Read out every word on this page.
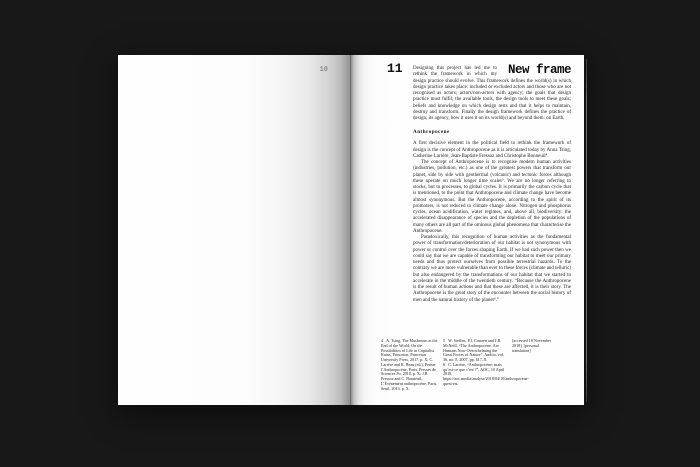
10	11	New frame

Designing this project has led me to rethink the framework in which my design practice should evolve. This framework defines the world(s) in which design practice takes place: included or excluded actors and those who are not recognised as actors; actors/non-actors with agency; the goals that design practice must fulfil; the available tools, the design tools to meet these goals; beliefs and knowledge on which design rests and that it helps to maintain, destroy and transform. Finally the design framework defines the practice of design, its agency, how it uses it on its world(s) and beyond them: on Earth.

Anthropocene

A first decisive element in the political field to rethink the framework of design is the concept of Anthropocene as it is articulated today by Anna Tsing, Catherine Larrère, Jean-Baptiste Fressoz and Christophe Bonneuil⁴.

The concept of Anthropocene is to recognise modern human activities (industries, pollution, etc.) as one of the greatest powers that transform our planet, side by side with geothermal (volcanic) and tectonic forces although these operate on much longer time scales⁵. We are no longer referring to stocks, but to processes, to global cycles. It is primarily the carbon cycle that is mentioned, to the point that Anthropocene and climate change have become almost synonymous. But the Anthropocene, according to the spirit of its promoters, is not reduced to climate change alone. Nitrogen and phosphorus cycles, ocean acidification, water regimes, and, above all, biodiversity: the accelerated disappearance of species and the depletion of the populations of many others are all part of the ominous global phenomena that characterise the Anthropocene.

Paradoxically, this recognition of human activities as the fundamental power of transformation/deterioration of our habitat is not synonymous with power or control over the forces shaping Earth. If we had such power then we could say that we are capable of transforming our habitat to meet our primary needs and thus protect ourselves from possible terrestrial hazards. To the contrary we are more vulnerable than ever to these forces (climate and telluric) but also endangered by the transformations of our habitat that we started to accelerate in the middle of the twentieth century. “Because the Anthropocene is the result of human actions and that these are affected, it is their story. The Anthropocene is the great story of the encounter between the social history of men and the natural history of the planet⁶.”

4   A. Tsing, The Mushroom at the End of the World: On the Possibilities of Life in Capitalist Ruins, Princeton, Princeton University Press, 2017, p. X; C. Larrère and R. Beau (ed.), Penser l’Anthropocène, Paris, Presses de Sciences Po, 2018, p. X; J.B. Fressoz and C. Bonneuil, L’Événement anthropocène, Paris, Seuil, 2013, p. X.

5   W. Steffen, P.J. Crutzen and J.R. McNeill, “The Anthropocene: Are Humans Now Overwhelming the Great Forces of Nature”, Ambio, vol. 36, no. 8, 2007, pp. 617–8.

6   C. Larrère, “Anthropocène: mais qu’est-ce que c’est ?”, AOC, 10 April 2018, https://aoc.media/analyse/2018/04/10/anthropocene-quest-est,

[accessed 18 November 2018], [personal translation]
